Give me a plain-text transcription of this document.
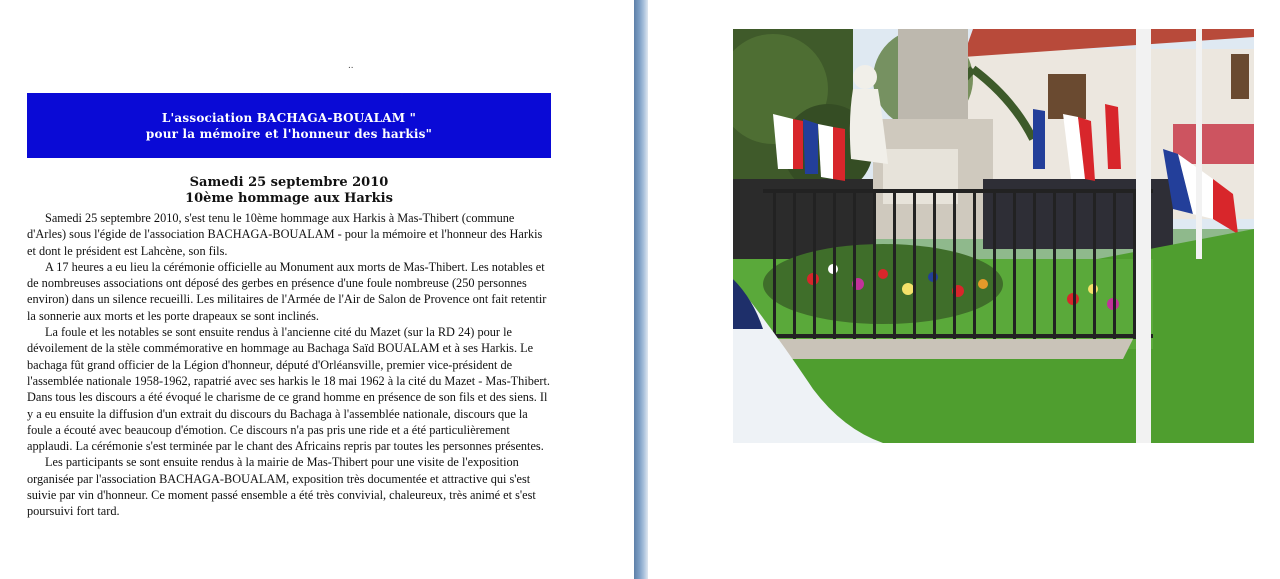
..
L'association BACHAGA-BOUALAM "
pour la mémoire et l'honneur des harkis"
Samedi 25 septembre 2010
10ème hommage aux Harkis

Samedi 25 septembre 2010, s'est tenu le 10ème hommage aux Harkis à Mas-Thibert (commune d'Arles) sous l'égide de l'association BACHAGA-BOUALAM - pour la mémoire et l'honneur des Harkis et dont le président est Lahcène, son fils.

A 17 heures a eu lieu la cérémonie officielle au Monument aux morts de Mas-Thibert. Les notables et de nombreuses associations ont déposé des gerbes en présence d'une foule nombreuse (250 personnes environ) dans un silence recueilli. Les militaires de l'Armée de l'Air de Salon de Provence ont fait retentir la sonnerie aux morts et les porte drapeaux se sont inclinés.

La foule et les notables se sont ensuite rendus à l'ancienne cité du Mazet (sur la RD 24) pour le dévoilement de la stèle commémorative en hommage au Bachaga Saïd BOUALAM et à ses Harkis. Le bachaga fût grand officier de la Légion d'honneur, député d'Orléansville, premier vice-président de l'assemblée nationale 1958-1962, rapatrié avec ses harkis le 18 mai 1962 à la cité du Mazet - Mas-Thibert. Dans tous les discours a été évoqué le charisme de ce grand homme en présence de son fils et des siens. Il y a eu ensuite la diffusion d'un extrait du discours du Bachaga à l'assemblée nationale, discours que la foule a écouté avec beaucoup d'émotion. Ce discours n'a pas pris une ride et a été particulièrement applaudi. La cérémonie s'est terminée par le chant des Africains repris par toutes les personnes présentes.

Les participants se sont ensuite rendus à la mairie de Mas-Thibert pour une visite de l'exposition organisée par l'association BACHAGA-BOUALAM, exposition très documentée et attractive qui s'est suivie par vin d'honneur. Ce moment passé ensemble a été très convivial, chaleureux, très animé et s'est poursuivi fort tard.
